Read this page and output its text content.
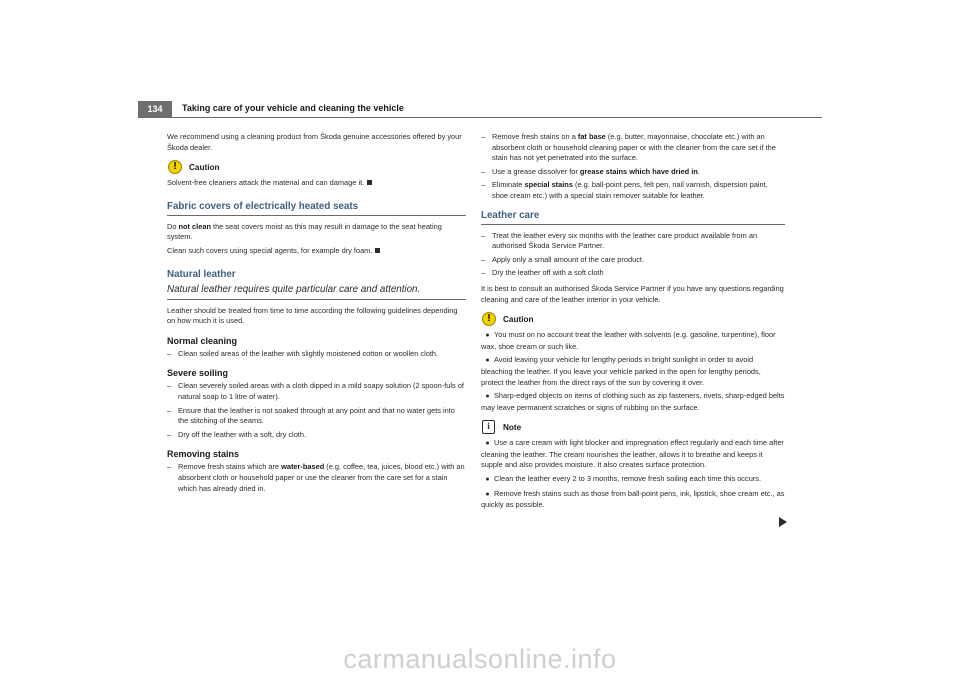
134	Taking care of your vehicle and cleaning the vehicle

We recommend using a cleaning product from Škoda genuine accessories offered by your Škoda dealer.

!	Caution

Solvent-free cleaners attack the material and can damage it.

Fabric covers of electrically heated seats

Do not clean the seat covers moist as this may result in damage to the seat heating system.

Clean such covers using special agents, for example dry foam.

Natural leather
Natural leather requires quite particular care and attention.

Leather should be treated from time to time according the following guidelines depending on how much it is used.

Normal cleaning
– Clean soiled areas of the leather with slightly moistened cotton or woollen cloth.
Severe soiling
– Clean severely soiled areas with a cloth dipped in a mild soapy solution (2 spoon-fuls of natural soap to 1 litre of water).
– Ensure that the leather is not soaked through at any point and that no water gets into the stitching of the seams.
– Dry off the leather with a soft, dry cloth.
Removing stains
– Remove fresh stains which are water-based (e.g. coffee, tea, juices, blood etc.) with an absorbent cloth or household paper or use the cleaner from the care set for a stain which has already dried in.
– Remove fresh stains on a fat base (e.g. butter, mayonnaise, chocolate etc.) with an absorbent cloth or household cleaning paper or with the cleaner from the care set if the stain has not yet penetrated into the surface.
– Use a grease dissolver for grease stains which have dried in.
– Eliminate special stains (e.g. ball-point pens, felt pen, nail varnish, dispersion paint, shoe cream etc.) with a special stain remover suitable for leather.
Leather care
– Treat the leather every six months with the leather care product available from an authorised Škoda Service Partner.
– Apply only a small amount of the care product.
– Dry the leather off with a soft cloth

It is best to consult an authorised Škoda Service Partner if you have any questions regarding cleaning and care of the leather interior in your vehicle.

!	Caution
● You must on no account treat the leather with solvents (e.g. gasoline, turpentine), floor wax, shoe cream or such like.
● Avoid leaving your vehicle for lengthy periods in bright sunlight in order to avoid bleaching the leather. If you leave your vehicle parked in the open for lengthy periods, protect the leather from the direct rays of the sun by covering it over.
● Sharp-edged objects on items of clothing such as zip fasteners, rivets, sharp-edged belts may leave permanent scratches or signs of rubbing on the surface.
i	Note
● Use a care cream with light blocker and impregnation effect regularly and each time after cleaning the leather. The cream nourishes the leather, allows it to breathe and keeps it supple and also provides moisture. It also creates surface protection.
● Clean the leather every 2 to 3 months, remove fresh soiling each time this occurs.
● Remove fresh stains such as those from ball-point pens, ink, lipstick, shoe cream etc., as quickly as possible.
carmanualsonline.info
